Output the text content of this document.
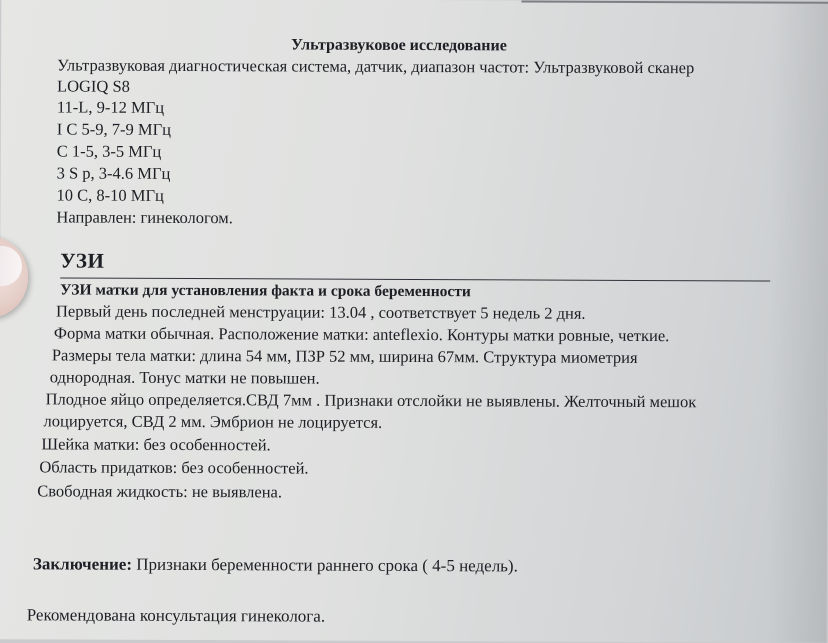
Ультразвуковое исследование
Ультразвуковая диагностическая система, датчик, диапазон частот: Ультразвуковой сканер
LOGIQ S8
11-L, 9-12 МГц
I C 5-9, 7-9 МГц
C 1-5, 3-5 МГц
3 S p, 3-4.6 МГц
10 C, 8-10 МГц
Направлен: гинекологом.
УЗИ
УЗИ матки для установления факта и срока беременности
Первый день последней менструации: 13.04 , соответствует 5 недель 2 дня.
Форма матки обычная. Расположение матки: anteflexio. Контуры матки ровные, четкие.
Размеры тела матки: длина 54 мм, ПЗР 52 мм, ширина 67мм. Структура миометрия
однородная. Тонус матки не повышен.
Плодное яйцо определяется.СВД 7мм . Признаки отслойки не выявлены. Желточный мешок
лоцируется, СВД 2 мм. Эмбрион не лоцируется.
Шейка матки: без особенностей.
Область придатков: без особенностей.
Свободная жидкость: не выявлена.
Заключение: Признаки беременности раннего срока ( 4-5 недель).
Рекомендована консультация гинеколога.
